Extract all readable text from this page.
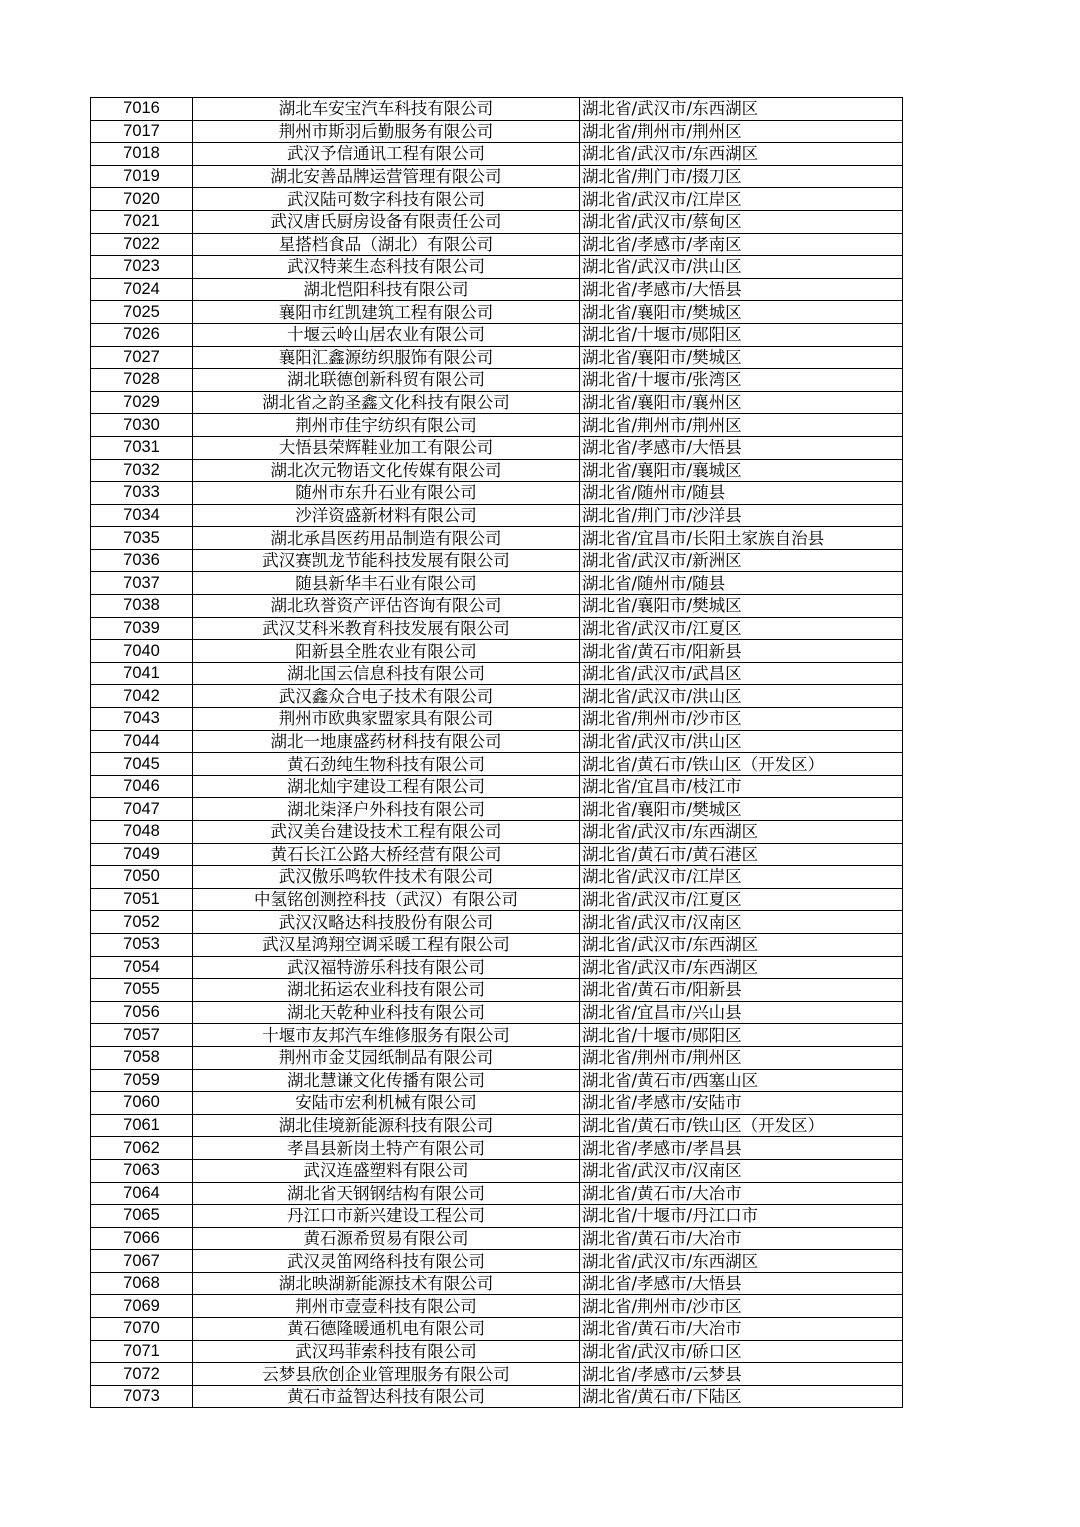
7016	湖北车安宝汽车科技有限公司	湖北省/武汉市/东西湖区
7017	荆州市斯羽后勤服务有限公司	湖北省/荆州市/荆州区
7018	武汉予信通讯工程有限公司	湖北省/武汉市/东西湖区
7019	湖北安善品牌运营管理有限公司	湖北省/荆门市/掇刀区
7020	武汉陆可数字科技有限公司	湖北省/武汉市/江岸区
7021	武汉唐氏厨房设备有限责任公司	湖北省/武汉市/蔡甸区
7022	星搭档食品（湖北）有限公司	湖北省/孝感市/孝南区
7023	武汉特莱生态科技有限公司	湖北省/武汉市/洪山区
7024	湖北恺阳科技有限公司	湖北省/孝感市/大悟县
7025	襄阳市红凯建筑工程有限公司	湖北省/襄阳市/樊城区
7026	十堰云岭山居农业有限公司	湖北省/十堰市/郧阳区
7027	襄阳汇鑫源纺织服饰有限公司	湖北省/襄阳市/樊城区
7028	湖北联德创新科贸有限公司	湖北省/十堰市/张湾区
7029	湖北省之韵圣鑫文化科技有限公司	湖北省/襄阳市/襄州区
7030	荆州市佳宇纺织有限公司	湖北省/荆州市/荆州区
7031	大悟县荣辉鞋业加工有限公司	湖北省/孝感市/大悟县
7032	湖北次元物语文化传媒有限公司	湖北省/襄阳市/襄城区
7033	随州市东升石业有限公司	湖北省/随州市/随县
7034	沙洋资盛新材料有限公司	湖北省/荆门市/沙洋县
7035	湖北承昌医药用品制造有限公司	湖北省/宜昌市/长阳土家族自治县
7036	武汉赛凯龙节能科技发展有限公司	湖北省/武汉市/新洲区
7037	随县新华丰石业有限公司	湖北省/随州市/随县
7038	湖北玖誉资产评估咨询有限公司	湖北省/襄阳市/樊城区
7039	武汉艾科米教育科技发展有限公司	湖北省/武汉市/江夏区
7040	阳新县全胜农业有限公司	湖北省/黄石市/阳新县
7041	湖北国云信息科技有限公司	湖北省/武汉市/武昌区
7042	武汉鑫众合电子技术有限公司	湖北省/武汉市/洪山区
7043	荆州市欧典家盟家具有限公司	湖北省/荆州市/沙市区
7044	湖北一地康盛药材科技有限公司	湖北省/武汉市/洪山区
7045	黄石劲纯生物科技有限公司	湖北省/黄石市/铁山区（开发区）
7046	湖北灿宇建设工程有限公司	湖北省/宜昌市/枝江市
7047	湖北柒泽户外科技有限公司	湖北省/襄阳市/樊城区
7048	武汉美台建设技术工程有限公司	湖北省/武汉市/东西湖区
7049	黄石长江公路大桥经营有限公司	湖北省/黄石市/黄石港区
7050	武汉傲乐鸣软件技术有限公司	湖北省/武汉市/江岸区
7051	中氢铭创测控科技（武汉）有限公司	湖北省/武汉市/江夏区
7052	武汉汉略达科技股份有限公司	湖北省/武汉市/汉南区
7053	武汉星鸿翔空调采暖工程有限公司	湖北省/武汉市/东西湖区
7054	武汉福特游乐科技有限公司	湖北省/武汉市/东西湖区
7055	湖北拓运农业科技有限公司	湖北省/黄石市/阳新县
7056	湖北天乾种业科技有限公司	湖北省/宜昌市/兴山县
7057	十堰市友邦汽车维修服务有限公司	湖北省/十堰市/郧阳区
7058	荆州市金艾园纸制品有限公司	湖北省/荆州市/荆州区
7059	湖北慧谦文化传播有限公司	湖北省/黄石市/西塞山区
7060	安陆市宏利机械有限公司	湖北省/孝感市/安陆市
7061	湖北佳境新能源科技有限公司	湖北省/黄石市/铁山区（开发区）
7062	孝昌县新岗土特产有限公司	湖北省/孝感市/孝昌县
7063	武汉连盛塑料有限公司	湖北省/武汉市/汉南区
7064	湖北省天钢钢结构有限公司	湖北省/黄石市/大冶市
7065	丹江口市新兴建设工程公司	湖北省/十堰市/丹江口市
7066	黄石源希贸易有限公司	湖北省/黄石市/大冶市
7067	武汉灵笛网络科技有限公司	湖北省/武汉市/东西湖区
7068	湖北映湖新能源技术有限公司	湖北省/孝感市/大悟县
7069	荆州市壹壹科技有限公司	湖北省/荆州市/沙市区
7070	黄石德隆暖通机电有限公司	湖北省/黄石市/大冶市
7071	武汉玛菲索科技有限公司	湖北省/武汉市/硚口区
7072	云梦县欣创企业管理服务有限公司	湖北省/孝感市/云梦县
7073	黄石市益智达科技有限公司	湖北省/黄石市/下陆区
